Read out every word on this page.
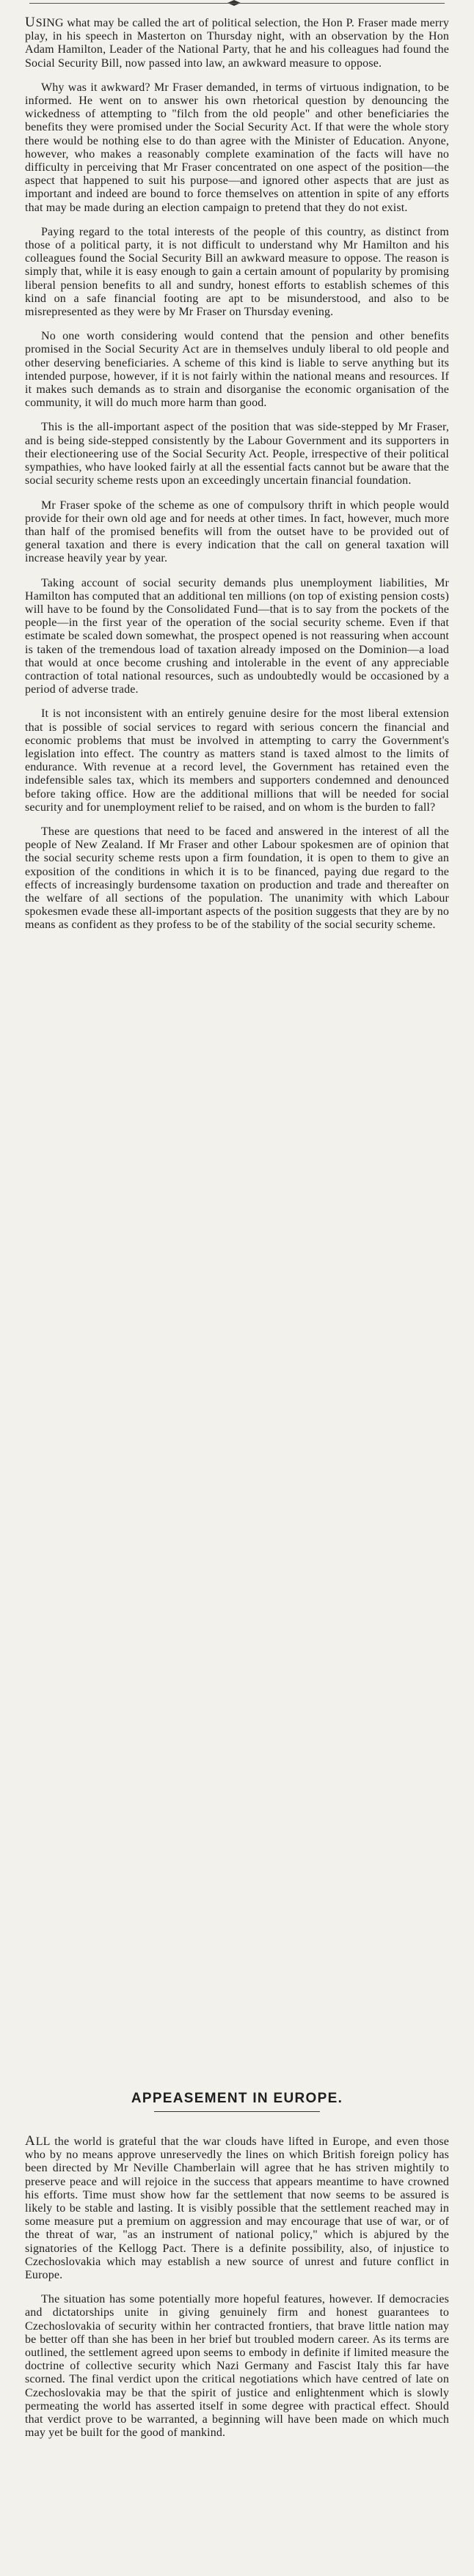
USING what may be called the art of political selection, the Hon P. Fraser made merry play, in his speech in Masterton on Thursday night, with an observation by the Hon Adam Hamilton, Leader of the National Party, that he and his colleagues had found the Social Security Bill, now passed into law, an awkward measure to oppose.

Why was it awkward? Mr Fraser demanded, in terms of virtuous indignation, to be informed. He went on to answer his own rhetorical question by denouncing the wickedness of attempting to "filch from the old people" and other beneficiaries the benefits they were promised under the Social Security Act. If that were the whole story there would be nothing else to do than agree with the Minister of Education. Anyone, however, who makes a reasonably complete examination of the facts will have no difficulty in perceiving that Mr Fraser concentrated on one aspect of the position—the aspect that happened to suit his purpose—and ignored other aspects that are just as important and indeed are bound to force themselves on attention in spite of any efforts that may be made during an election campaign to pretend that they do not exist.

Paying regard to the total interests of the people of this country, as distinct from those of a political party, it is not difficult to understand why Mr Hamilton and his colleagues found the Social Security Bill an awkward measure to oppose. The reason is simply that, while it is easy enough to gain a certain amount of popularity by promising liberal pension benefits to all and sundry, honest efforts to establish schemes of this kind on a safe financial footing are apt to be misunderstood, and also to be misrepresented as they were by Mr Fraser on Thursday evening.

No one worth considering would contend that the pension and other benefits promised in the Social Security Act are in themselves unduly liberal to old people and other deserving beneficiaries. A scheme of this kind is liable to serve anything but its intended purpose, however, if it is not fairly within the national means and resources. If it makes such demands as to strain and disorganise the economic organisation of the community, it will do much more harm than good.

This is the all-important aspect of the position that was side-stepped by Mr Fraser, and is being side-stepped consistently by the Labour Government and its supporters in their electioneering use of the Social Security Act. People, irrespective of their political sympathies, who have looked fairly at all the essential facts cannot but be aware that the social security scheme rests upon an exceedingly uncertain financial foundation.

Mr Fraser spoke of the scheme as one of compulsory thrift in which people would provide for their own old age and for needs at other times. In fact, however, much more than half of the promised benefits will from the outset have to be provided out of general taxation and there is every indication that the call on general taxation will increase heavily year by year.

Taking account of social security demands plus unemployment liabilities, Mr Hamilton has computed that an additional ten millions (on top of existing pension costs) will have to be found by the Consolidated Fund—that is to say from the pockets of the people—in the first year of the operation of the social security scheme. Even if that estimate be scaled down somewhat, the prospect opened is not reassuring when account is taken of the tremendous load of taxation already imposed on the Dominion—a load that would at once become crushing and intolerable in the event of any appreciable contraction of total national resources, such as undoubtedly would be occasioned by a period of adverse trade.

It is not inconsistent with an entirely genuine desire for the most liberal extension that is possible of social services to regard with serious concern the financial and economic problems that must be involved in attempting to carry the Government's legislation into effect. The country as matters stand is taxed almost to the limits of endurance. With revenue at a record level, the Government has retained even the indefensible sales tax, which its members and supporters condemned and denounced before taking office. How are the additional millions that will be needed for social security and for unemployment relief to be raised, and on whom is the burden to fall?

These are questions that need to be faced and answered in the interest of all the people of New Zealand. If Mr Fraser and other Labour spokesmen are of opinion that the social security scheme rests upon a firm foundation, it is open to them to give an exposition of the conditions in which it is to be financed, paying due regard to the effects of increasingly burdensome taxation on production and trade and thereafter on the welfare of all sections of the population. The unanimity with which Labour spokesmen evade these all-important aspects of the position suggests that they are by no means as confident as they profess to be of the stability of the social security scheme.

APPEASEMENT IN EUROPE.

ALL the world is grateful that the war clouds have lifted in Europe, and even those who by no means approve unreservedly the lines on which British foreign policy has been directed by Mr Neville Chamberlain will agree that he has striven mightily to preserve peace and will rejoice in the success that appears meantime to have crowned his efforts. Time must show how far the settlement that now seems to be assured is likely to be stable and lasting. It is visibly possible that the settlement reached may in some measure put a premium on aggression and may encourage that use of war, or of the threat of war, "as an instrument of national policy," which is abjured by the signatories of the Kellogg Pact. There is a definite possibility, also, of injustice to Czechoslovakia which may establish a new source of unrest and future conflict in Europe.

The situation has some potentially more hopeful features, however. If democracies and dictatorships unite in giving genuinely firm and honest guarantees to Czechoslovakia of security within her contracted frontiers, that brave little nation may be better off than she has been in her brief but troubled modern career. As its terms are outlined, the settlement agreed upon seems to embody in definite if limited measure the doctrine of collective security which Nazi Germany and Fascist Italy this far have scorned. The final verdict upon the critical negotiations which have centred of late on Czechoslovakia may be that the spirit of justice and enlightenment which is slowly permeating the world has asserted itself in some degree with practical effect. Should that verdict prove to be warranted, a beginning will have been made on which much may yet be built for the good of mankind.
